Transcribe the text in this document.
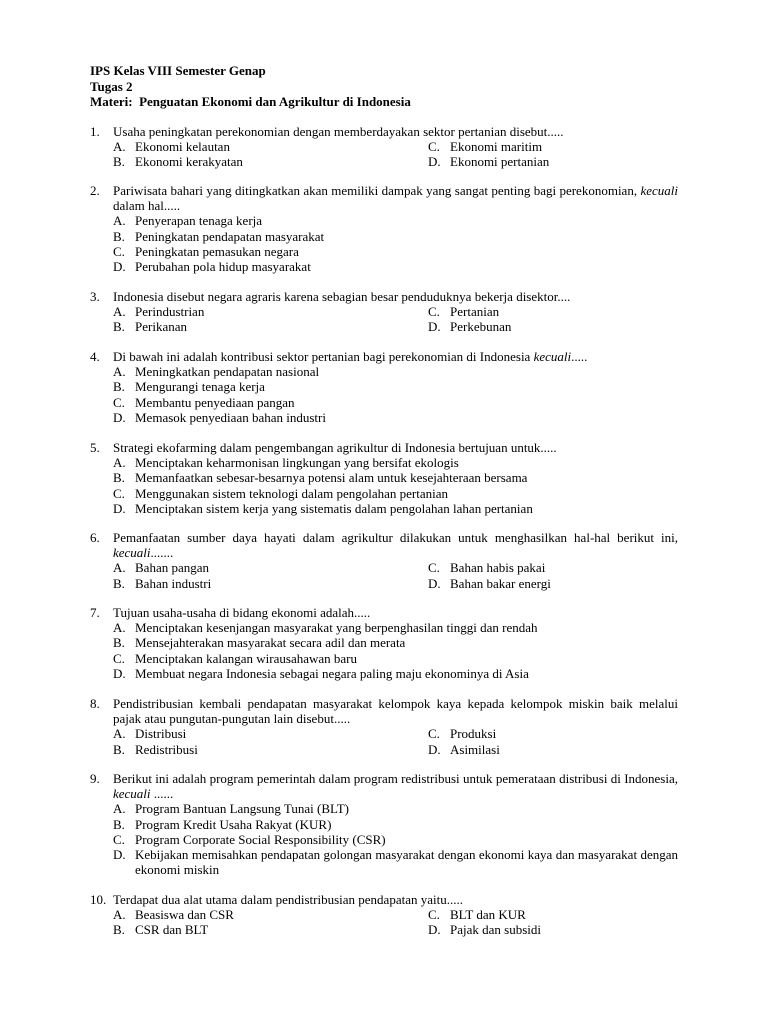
IPS Kelas VIII Semester Genap
Tugas 2
Materi: Penguatan Ekonomi dan Agrikultur di Indonesia
1.	Usaha peningkatan perekonomian dengan memberdayakan sektor pertanian disebut.....
A. Ekonomi kelautan	C. Ekonomi maritim
B. Ekonomi kerakyatan	D. Ekonomi pertanian
2.	Pariwisata bahari yang ditingkatkan akan memiliki dampak yang sangat penting bagi perekonomian, kecuali dalam hal.....
A. Penyerapan tenaga kerja
B. Peningkatan pendapatan masyarakat
C. Peningkatan pemasukan negara
D. Perubahan pola hidup masyarakat
3.	Indonesia disebut negara agraris karena sebagian besar penduduknya bekerja disektor....
A. Perindustrian	C. Pertanian
B. Perikanan	D. Perkebunan
4.	Di bawah ini adalah kontribusi sektor pertanian bagi perekonomian di Indonesia kecuali.....
A. Meningkatkan pendapatan nasional
B. Mengurangi tenaga kerja
C. Membantu penyediaan pangan
D. Memasok penyediaan bahan industri
5.	Strategi ekofarming dalam pengembangan agrikultur di Indonesia bertujuan untuk.....
A. Menciptakan keharmonisan lingkungan yang bersifat ekologis
B. Memanfaatkan sebesar-besarnya potensi alam untuk kesejahteraan bersama
C. Menggunakan sistem teknologi dalam pengolahan pertanian
D. Menciptakan sistem kerja yang sistematis dalam pengolahan lahan pertanian
6.	Pemanfaatan sumber daya hayati dalam agrikultur dilakukan untuk menghasilkan hal-hal berikut ini, kecuali.......
A. Bahan pangan	C. Bahan habis pakai
B. Bahan industri	D. Bahan bakar energi
7.	Tujuan usaha-usaha di bidang ekonomi adalah.....
A. Menciptakan kesenjangan masyarakat yang berpenghasilan tinggi dan rendah
B. Mensejahterakan masyarakat secara adil dan merata
C. Menciptakan kalangan wirausahawan baru
D. Membuat negara Indonesia sebagai negara paling maju ekonominya di Asia
8.	Pendistribusian kembali pendapatan masyarakat kelompok kaya kepada kelompok miskin baik melalui pajak atau pungutan-pungutan lain disebut.....
A. Distribusi	C. Produksi
B. Redistribusi	D. Asimilasi
9.	Berikut ini adalah program pemerintah dalam program redistribusi untuk pemerataan distribusi di Indonesia, kecuali ......
A. Program Bantuan Langsung Tunai (BLT)
B. Program Kredit Usaha Rakyat (KUR)
C. Program Corporate Social Responsibility (CSR)
D. Kebijakan memisahkan pendapatan golongan masyarakat dengan ekonomi kaya dan masyarakat dengan ekonomi miskin
10. Terdapat dua alat utama dalam pendistribusian pendapatan yaitu.....
A. Beasiswa dan CSR	C. BLT dan KUR
B. CSR dan BLT	D. Pajak dan subsidi
